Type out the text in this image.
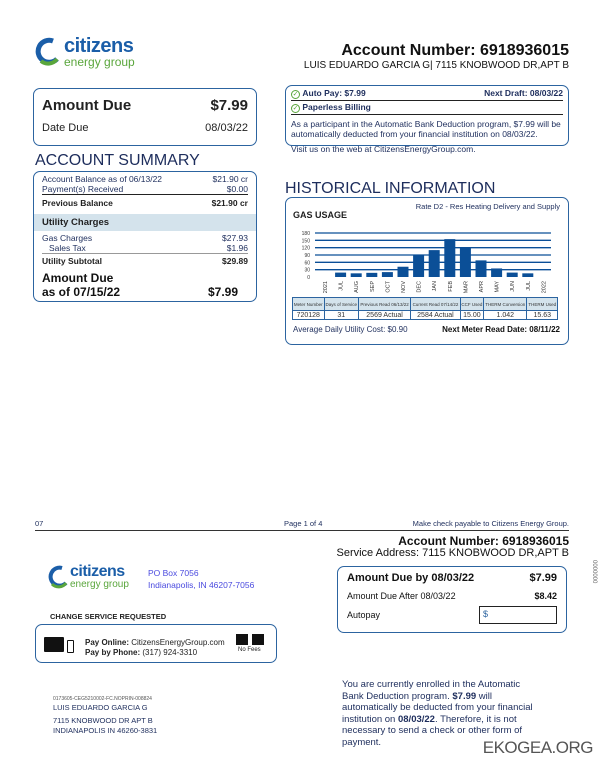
citizens
energy group
Account Number: 6918936015
LUIS EDUARDO GARCIA G| 7115 KNOBWOOD DR,APT B
Amount Due	$7.99
Date Due	08/03/22
✓ Auto Pay: $7.99	Next Draft: 08/03/22
✓ Paperless Billing
As a participant in the Automatic Bank Deduction program, $7.99 will be automatically deducted from your financial institution on 08/03/22.
Visit us on the web at CitizensEnergyGroup.com.
ACCOUNT SUMMARY
Account Balance as of 06/13/22	$21.90 cr
Payment(s) Received	$0.00
Previous Balance	$21.90 cr
Utility Charges
Gas Charges	$27.93
Sales Tax	$1.96
Utility Subtotal	$29.89
Amount Due
as of 07/15/22	$7.99
HISTORICAL INFORMATION
GAS USAGE
Rate D2 - Res Heating Delivery and Supply
180
150
120
90
60
30
0
2021 JUL AUG SEP OCT NOV DEC JAN FEB MAR APR MAY JUN JUL 2022
Meter Number	Days of Service	Previous Read 06/13/22	Current Read 07/14/22	CCF Used	THERM Conversion	THERM Used
720128	31	2569 Actual	2584 Actual	15.00	1.042	15.63
Average Daily Utility Cost: $0.90	Next Meter Read Date: 08/11/22
07	Page 1 of 4	Make check payable to Citizens Energy Group.
Account Number: 6918936015
Service Address: 7115 KNOBWOOD DR,APT B
citizens
energy group
PO Box 7056
Indianapolis, IN 46207-7056
CHANGE SERVICE REQUESTED
Pay Online: CitizensEnergyGroup.com
Pay by Phone: (317) 924-3310	No Fees
Amount Due by 08/03/22	$7.99
Amount Due After 08/03/22	$8.42
Autopay	$
0000000
0173605-CEG5210002-FC.NOPRIN-008824
LUIS EDUARDO GARCIA G
7115 KNOBWOOD DR APT B
INDIANAPOLIS IN 46260-3831
You are currently enrolled in the Automatic Bank Deduction program. $7.99 will automatically be deducted from your financial institution on 08/03/22. Therefore, it is not necessary to send a check or other form of payment.	EKOGEA.ORG
